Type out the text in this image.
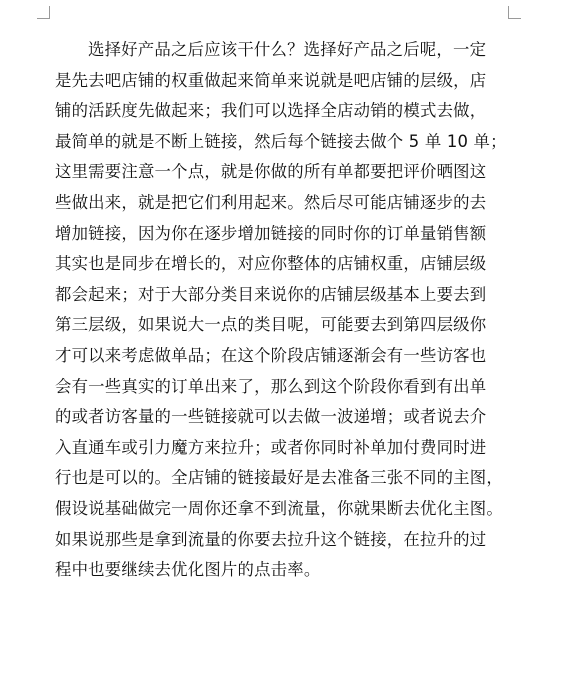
选择好产品之后应该干什么？选择好产品之后呢，一定
是先去吧店铺的权重做起来简单来说就是吧店铺的层级，店
铺的活跃度先做起来；我们可以选择全店动销的模式去做，
最简单的就是不断上链接，然后每个链接去做个 5 单 10 单；
这里需要注意一个点，就是你做的所有单都要把评价晒图这
些做出来，就是把它们利用起来。然后尽可能店铺逐步的去
增加链接，因为你在逐步增加链接的同时你的订单量销售额
其实也是同步在增长的，对应你整体的店铺权重，店铺层级
都会起来；对于大部分类目来说你的店铺层级基本上要去到
第三层级，如果说大一点的类目呢，可能要去到第四层级你
才可以来考虑做单品；在这个阶段店铺逐渐会有一些访客也
会有一些真实的订单出来了，那么到这个阶段你看到有出单
的或者访客量的一些链接就可以去做一波递增；或者说去介
入直通车或引力魔方来拉升；或者你同时补单加付费同时进
行也是可以的。全店铺的链接最好是去准备三张不同的主图，
假设说基础做完一周你还拿不到流量，你就果断去优化主图。
如果说那些是拿到流量的你要去拉升这个链接，在拉升的过
程中也要继续去优化图片的点击率。
